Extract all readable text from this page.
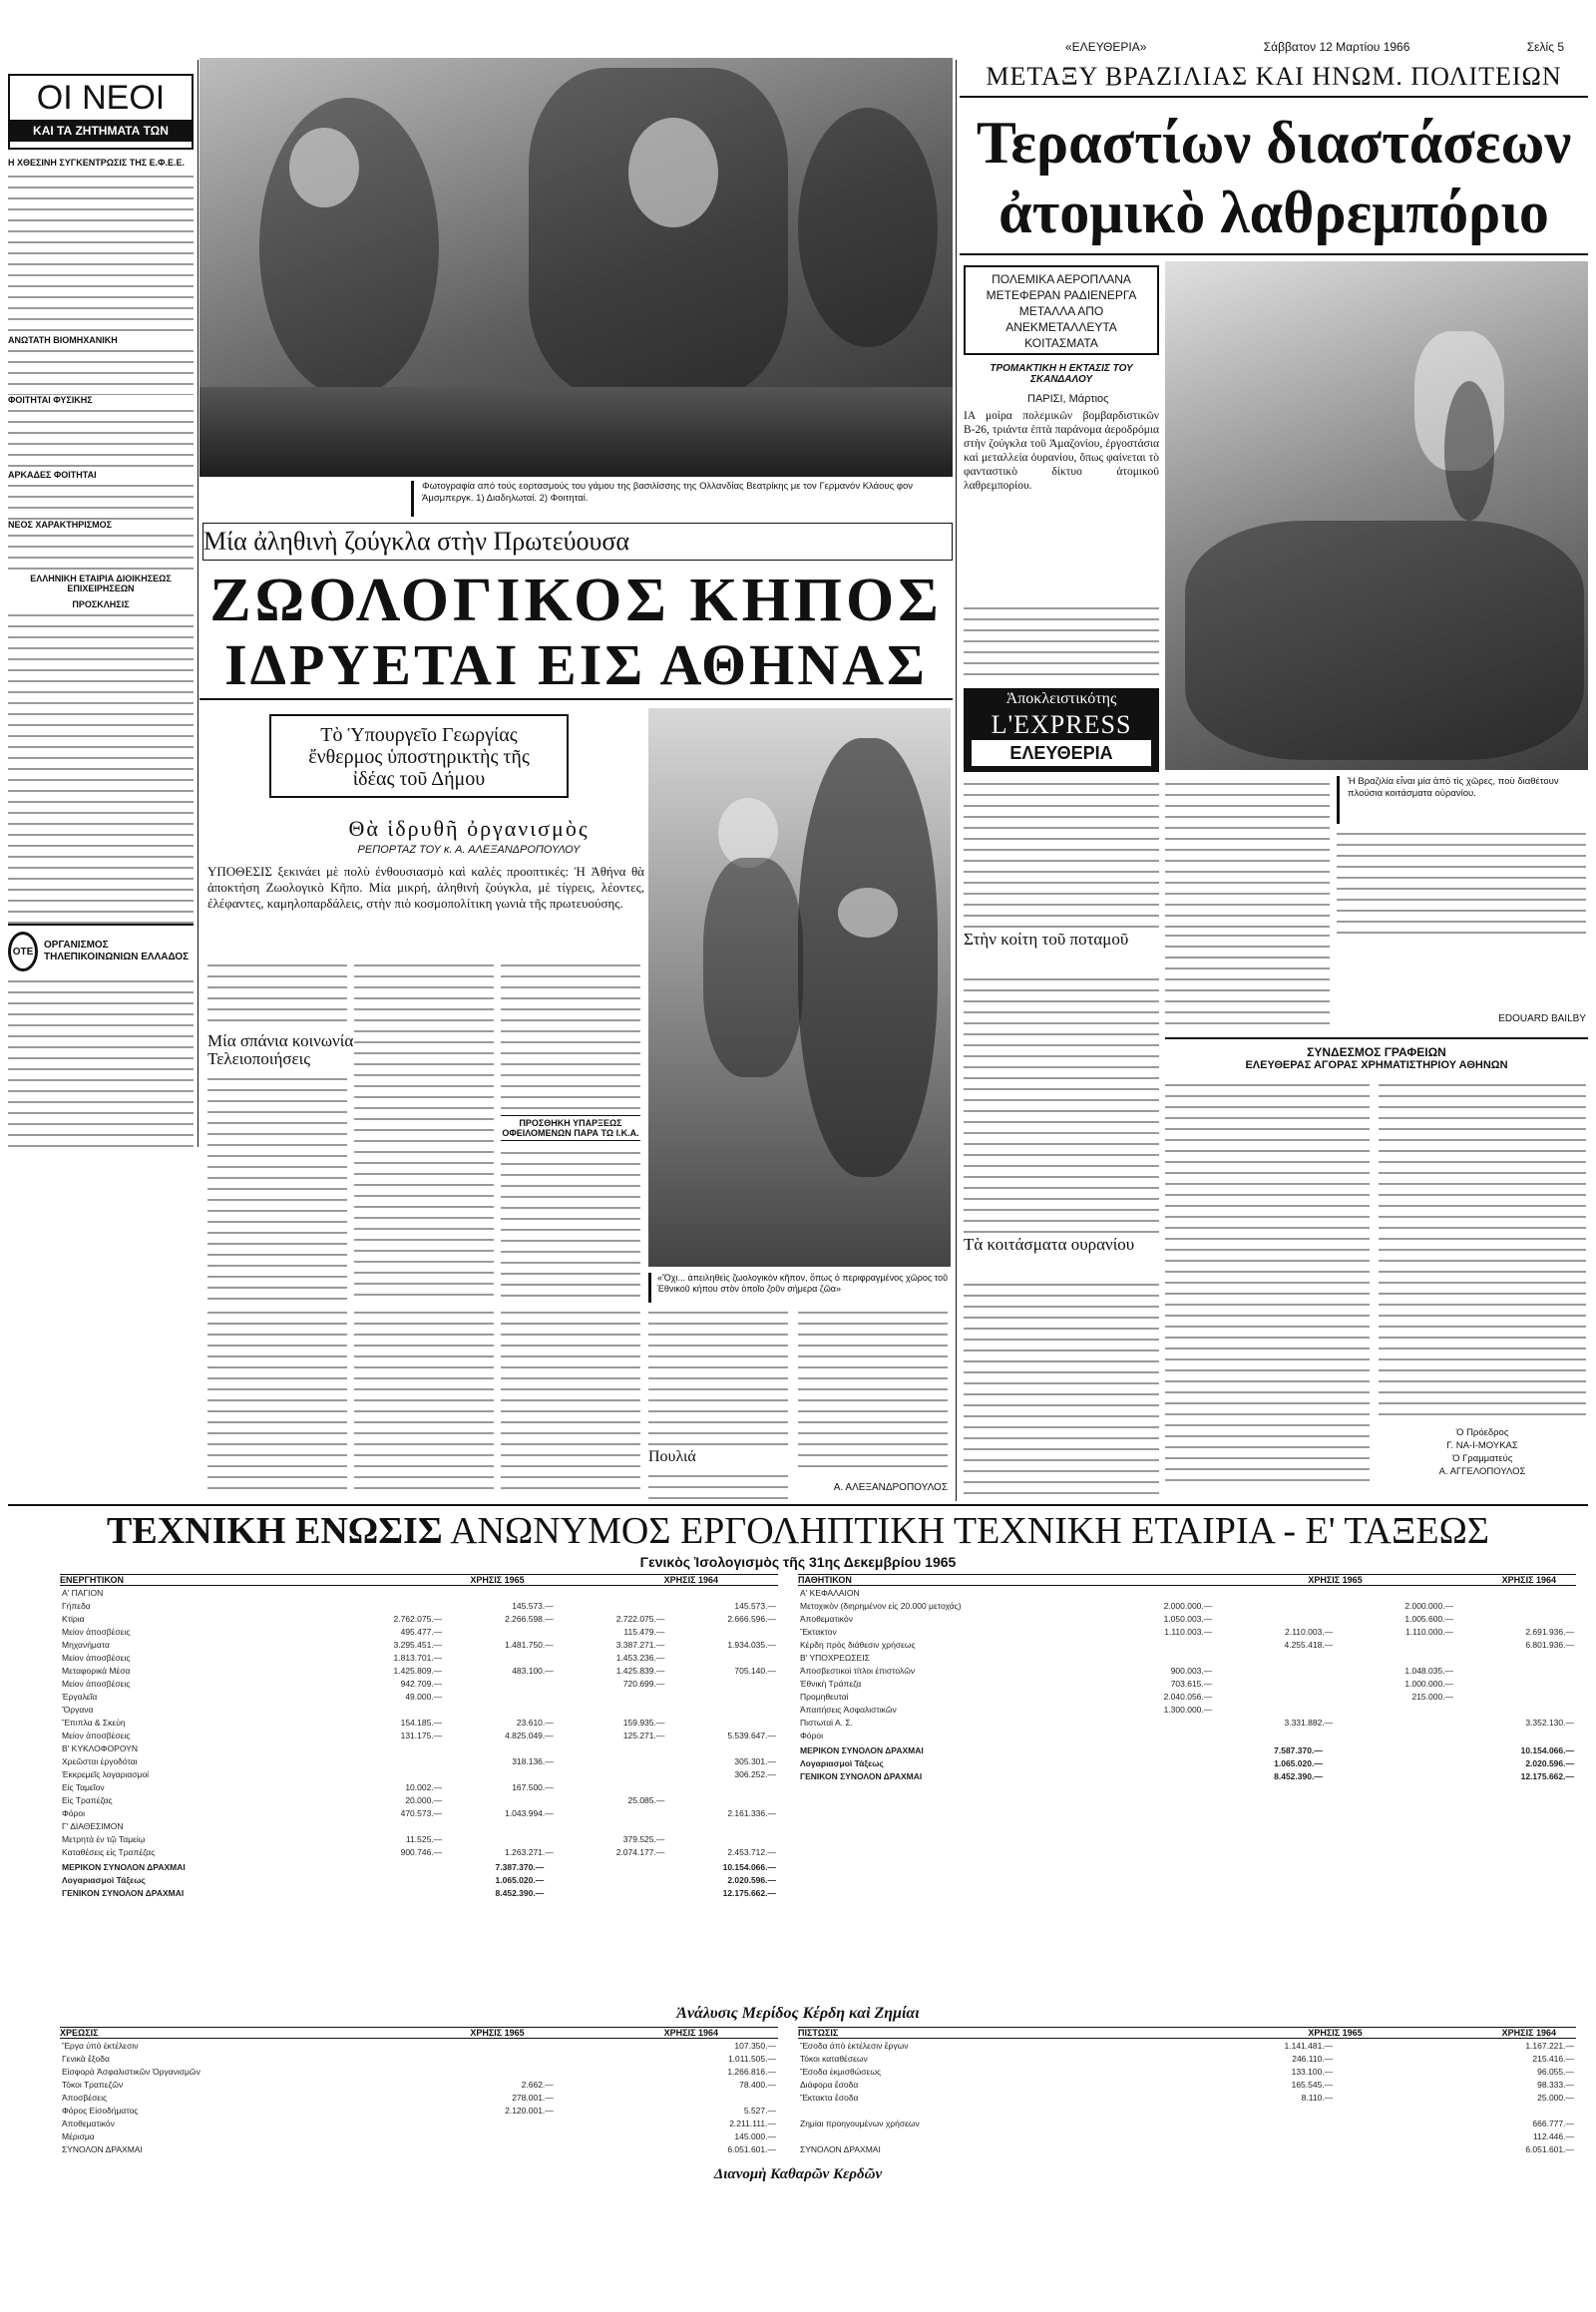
«ΕΛΕΥΘΕΡΙΑ»	Σάββατον 12 Μαρτίου 1966	Σελίς 5
ΟΙ ΝΕΟΙ
ΚΑΙ ΤΑ ΖΗΤΗΜΑΤΑ ΤΩΝ
Η ΧΘΕΣΙΝΗ ΣΥΓΚΕΝΤΡΩΣΙΣ ΤΗΣ Ε.Φ.Ε.Ε.
ΑΝΩΤΑΤΗ ΒΙΟΜΗΧΑΝΙΚΗ
ΦΟΙΤΗΤΑΙ ΦΥΣΙΚΗΣ
ΑΡΚΑΔΕΣ ΦΟΙΤΗΤΑΙ
ΝΕΟΣ ΧΑΡΑΚΤΗΡΙΣΜΟΣ
ΕΛΛΗΝΙΚΗ ΕΤΑΙΡΙΑ ΔΙΟΙΚΗΣΕΩΣ ΕΠΙΧΕΙΡΗΣΕΩΝ
ΠΡΟΣΚΛΗΣΙΣ
ΟΤΕ
ΟΡΓΑΝΙΣΜΟΣ ΤΗΛΕΠΙΚΟΙΝΩΝΙΩΝ ΕΛΛΑΔΟΣ
Φωτογραφία από τούς εορτασμούς του γάμου της βασιλίσσης της Ολλανδίας Βεατρίκης με τον Γερμανόν Κλάους φον Άμσμπεργκ. 1) Διαδηλωταί. 2) Φοιτηταί.
Μία ἀληθινὴ ζούγκλα στὴν Πρωτεύουσα
ΖΩΟΛΟΓΙΚΟΣ ΚΗΠΟΣ
ΙΔΡΥΕΤΑΙ ΕΙΣ ΑΘΗΝΑΣ
Τὸ Ὑπουργεῖο Γεωργίας ἔνθερμος ὑποστηρικτὴς τῆς ἰδέας τοῦ Δήμου
Θὰ ἱδρυθῆ ὀργανισμὸς
ΡΕΠΟΡΤΑΖ ΤΟΥ κ. Α. ΑΛΕΞΑΝΔΡΟΠΟΥΛΟΥ
ΥΠΟΘΕΣΙΣ ξεκινάει μὲ πολὺ ἐνθουσιασμὸ καὶ καλὲς προοπτικές: Ἡ Ἀθήνα θὰ ἀποκτήση Ζωολογικὸ Κῆπο. Μία μικρή, ἀληθινὴ ζούγκλα, μὲ τίγρεις, λέοντες, ἐλέφαντες, καμηλοπαρδάλεις, στὴν πιὸ κοσμοπολίτικη γωνιὰ τῆς πρωτευούσης.
«Ὄχι... ἀπειληθεὶς ζωολογικὸν κῆπον, ὅπως ὁ περιφραγμένος χῶρος τοῦ Ἐθνικοῦ κήπου στὸν ὁποῖο ζοῦν σήμερα ζῶα»
Μία σπάνια κοινωνία
Τελειοποιήσεις
ΠΡΟΣΘΗΚΗ ΥΠΑΡΞΕΩΣ ΟΦΕΙΛΟΜΕΝΩΝ ΠΑΡΑ ΤΩ Ι.Κ.Α.
Πουλιά
Α. ΑΛΕΞΑΝΔΡΟΠΟΥΛΟΣ
ΜΕΤΑΞΥ ΒΡΑΖΙΛΙΑΣ ΚΑΙ ΗΝΩΜ. ΠΟΛΙΤΕΙΩΝ
Τεραστίων διαστάσεων
ἀτομικὸ λαθρεμπόριο
ΠΟΛΕΜΙΚΑ ΑΕΡΟΠΛΑΝΑ ΜΕΤΕΦΕΡΑΝ ΡΑΔΙΕΝΕΡΓΑ ΜΕΤΑΛΛΑ ΑΠΟ ΑΝΕΚΜΕΤΑΛΛΕΥΤΑ ΚΟΙΤΑΣΜΑΤΑ
ΤΡΟΜΑΚΤΙΚΗ Η ΕΚΤΑΣΙΣ ΤΟΥ ΣΚΑΝΔΑΛΟΥ
ΠΑΡΙΣΙ, Μάρτιος
ΙΑ μοίρα πολεμικῶν βομβαρδιστικῶν Β-26, τριάντα ἑπτὰ παράνομα ἀεροδρόμια στὴν ζούγκλα τοῦ Ἀμαζονίου, ἐργοστάσια καὶ μεταλλεία ὀυρανίου, ὅπως φαίνεται τὸ φανταστικὸ δίκτυο ἀτομικοῦ λαθρεμπορίου.
Ἀποκλειστικότης
L'EXPRESS
ΕΛΕΥΘΕΡΙΑ
Ἡ Βραζιλία εἶναι μία ἀπὸ τὶς χῶρες, ποὺ διαθέτουν πλούσια κοιτάσματα οὐρανίου.
Στὴν κοίτη τοῦ ποταμοῦ
Τὰ κοιτάσματα ουρανίου
EDOUARD BAILBY
ΣΥΝΔΕΣΜΟΣ ΓΡΑΦΕΙΩΝ
ΕΛΕΥΘΕΡΑΣ ΑΓΟΡΑΣ ΧΡΗΜΑΤΙΣΤΗΡΙΟΥ ΑΘΗΝΩΝ
Ὁ Πρόεδρος
Γ. ΝΑ-Ι-ΜΟΥΚΑΣ
Ὁ Γραμματεύς
Α. ΑΓΓΕΛΟΠΟΥΛΟΣ
ΤΕΧΝΙΚΗ ΕΝΩΣΙΣ ΑΝΩΝΥΜΟΣ ΕΡΓΟΛΗΠΤΙΚΗ ΤΕΧΝΙΚΗ ΕΤΑΙΡΙΑ - Ε' ΤΑΞΕΩΣ
Γενικὸς Ἰσολογισμὸς τῆς 31ης Δεκεμβρίου 1965
ΕΝΕΡΓΗΤΙΚΟΝ	ΧΡΗΣΙΣ 1965	ΧΡΗΣΙΣ 1964
Α' ΠΑΓΙΟΝ				
Γήπεδα		145.573.—		145.573.—
Κτίρια	2.762.075.—	2.266.598.—	2.722.075.—	2.666.596.—
Μείον ἀποσβέσεις	495.477.—		115.479.—	
Μηχανήματα	3.295.451.—	1.481.750.—	3.387.271.—	1.934.035.—
Μείον ἀποσβέσεις	1.813.701.—		1.453.236.—	
Μεταφορικά Μέσα	1.425.809.—	483.100.—	1.425.839.—	705.140.—
Μείον ἀποσβέσεις	942.709.—		720.699.—	
Ἐργαλεῖα	49.000.—			
Ὄργανα				
Ἔπιπλα & Σκεύη	154.185.—	23.610.—	159.935.—	
Μείον ἀποσβέσεις	131.175.—	4.825.049.—	125.271.—	5.539.647.—
Β' ΚΥΚΛΟΦΟΡΟΥΝ				
Χρεῶσται ἐργοδόται		318.136.—		305.301.—
Ἐκκρεμεῖς λογαριασμοί				306.252.—
Εἰς Ταμεῖον	10.002.—	167.500.—		
Εἰς Τραπέζας	20.000.—		25.085.—	
Φόροι	470.573.—	1.043.994.—		2.161.336.—
Γ' ΔΙΑΘΕΣΙΜΟΝ				
Μετρητὰ ἐν τῷ Ταμείῳ	11.525.—		379.525.—	
Καταθέσεις εἰς Τραπέζας	900.746.—	1.263.271.—	2.074.177.—	2.453.712.—
ΜΕΡΙΚΟΝ ΣΥΝΟΛΟΝ ΔΡΑΧΜΑΙ	7.387.370.—	10.154.066.—
Λογαριασμοὶ Τάξεως	1.065.020.—	2.020.596.—
ΓΕΝΙΚΟΝ ΣΥΝΟΛΟΝ ΔΡΑΧΜΑΙ	8.452.390.—	12.175.662.—
ΠΑΘΗΤΙΚΟΝ	ΧΡΗΣΙΣ 1965	ΧΡΗΣΙΣ 1964
Α' ΚΕΦΑΛΑΙΟΝ				
Μετοχικὸν (διηρημένον εἰς 20.000 μετοχάς)	2.000.000.—		2.000.000.—	
Ἀποθεματικὸν	1.050.003.—		1.005.600.—	
Ἔκτακτον	1.110.003.—	2.110.003.—	1.110.000.—	2.691.936.—
Κέρδη πρὸς διάθεσιν χρήσεως		4.255.418.—		6.801.936.—
Β' ΥΠΟΧΡΕΩΣΕΙΣ				
Ἀποσβεστικοὶ τίτλοι ἐπιστολῶν	900.003.—		1.048.035.—	
Ἐθνικὴ Τράπεζα	703.615.—		1.000.000.—	
Προμηθευταί	2.040.056.—		215.000.—	
Ἀπαιτήσεις Ἀσφαλιστικῶν	1.300.000.—			
Πιστωταὶ Α. Σ.		3.331.882.—		3.352.130.—
Φόροι				
ΜΕΡΙΚΟΝ ΣΥΝΟΛΟΝ ΔΡΑΧΜΑΙ	7.587.370.—	10.154.066.—
Λογαριασμοὶ Τάξεως	1.065.020.—	2.020.596.—
ΓΕΝΙΚΟΝ ΣΥΝΟΛΟΝ ΔΡΑΧΜΑΙ	8.452.390.—	12.175.662.—
Ἀνάλυσις Μερίδος Κέρδη καὶ Ζημίαι
ΧΡΕΩΣΙΣ	ΧΡΗΣΙΣ 1965	ΧΡΗΣΙΣ 1964
Ἔργα ὑπὸ ἐκτέλεσιν		107.350.—
Γενικὰ ἔξοδα		1.011.505.—
Εἰσφορὰ Ἀσφαλιστικῶν Ὀργανισμῶν		1.266.816.—
Τόκοι Τραπεζῶν	2.662.—	78.400.—
Ἀποσβέσεις	278.001.—	
Φόρος Εἰσοδήματος	2.120.001.—	5.527.—
Ἀποθεματικόν		2.211.111.—
Μέρισμα		145.000.—
ΣΥΝΟΛΟΝ ΔΡΑΧΜΑΙ		6.051.601.—
ΠΙΣΤΩΣΙΣ	ΧΡΗΣΙΣ 1965	ΧΡΗΣΙΣ 1964
Ἔσοδα ἀπὸ ἐκτέλεσιν ἔργων	1.141.481.—	1.167.221.—
Τόκοι καταθέσεων	246.110.—	215.416.—
Ἔσοδα ἐκμισθώσεως	133.100.—	96.055.—
Διάφορα ἔσοδα	165.545.—	98.333.—
Ἔκτακτα ἔσοδα	8.110.—	25.000.—

Ζημίαι προηγουμένων χρήσεων		666.777.—
		112.446.—
ΣΥΝΟΛΟΝ ΔΡΑΧΜΑΙ		6.051.601.—
Διανομὴ Καθαρῶν Κερδῶν
